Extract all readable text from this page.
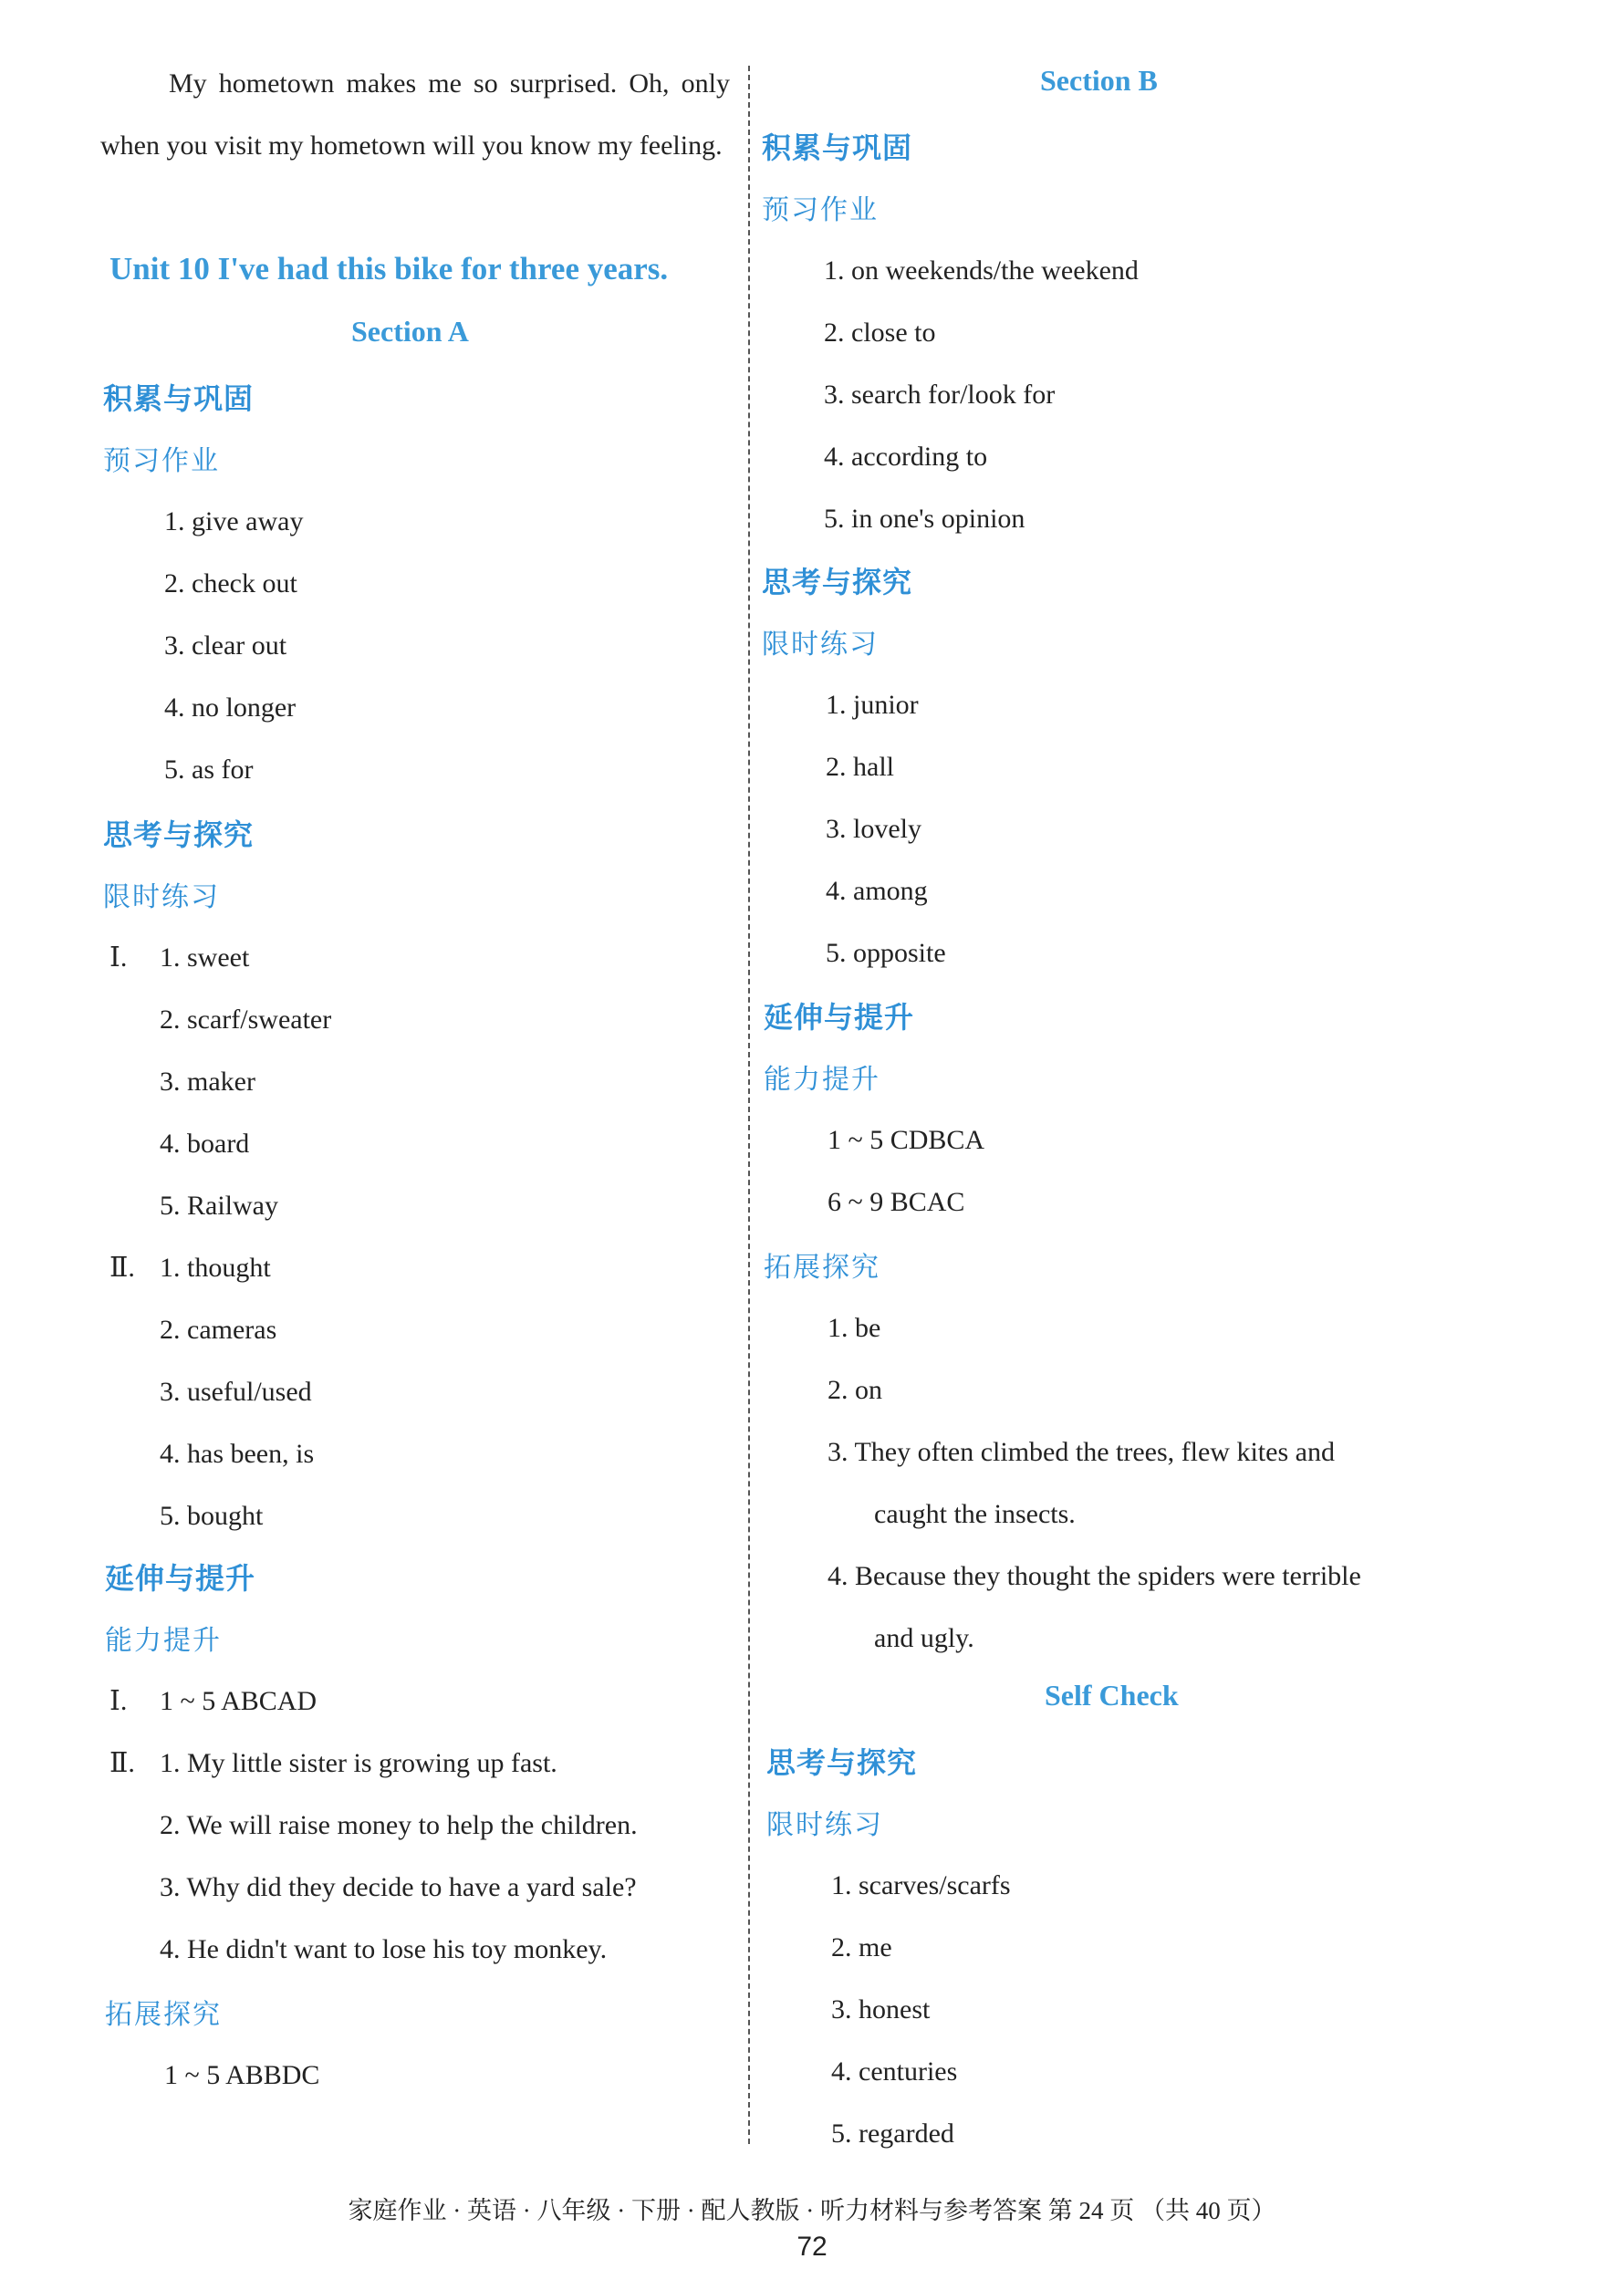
My hometown makes me so surprised. Oh, only when you visit my hometown will you know my feeling.
Unit 10 I've had this bike for three years.
Section A
积累与巩固
预习作业
1. give away
2. check out
3. clear out
4. no longer
5. as for
思考与探究
限时练习
Ⅰ. 1. sweet
2. scarf/sweater
3. maker
4. board
5. Railway
Ⅱ. 1. thought
2. cameras
3. useful/used
4. has been, is
5. bought
延伸与提升
能力提升
Ⅰ. 1 ~ 5 ABCAD
Ⅱ. 1. My little sister is growing up fast.
2. We will raise money to help the children.
3. Why did they decide to have a yard sale?
4. He didn't want to lose his toy monkey.
拓展探究
1 ~ 5 ABBDC
Section B
积累与巩固
预习作业
1. on weekends/the weekend
2. close to
3. search for/look for
4. according to
5. in one's opinion
思考与探究
限时练习
1. junior
2. hall
3. lovely
4. among
5. opposite
延伸与提升
能力提升
1 ~ 5 CDBCA
6 ~ 9 BCAC
拓展探究
1. be
2. on
3. They often climbed the trees, flew kites and
caught the insects.
4. Because they thought the spiders were terrible
and ugly.
Self Check
思考与探究
限时练习
1. scarves/scarfs
2. me
3. honest
4. centuries
5. regarded
家庭作业 · 英语 · 八年级 · 下册 · 配人教版 · 听力材料与参考答案 第 24 页 （共 40 页）
72
